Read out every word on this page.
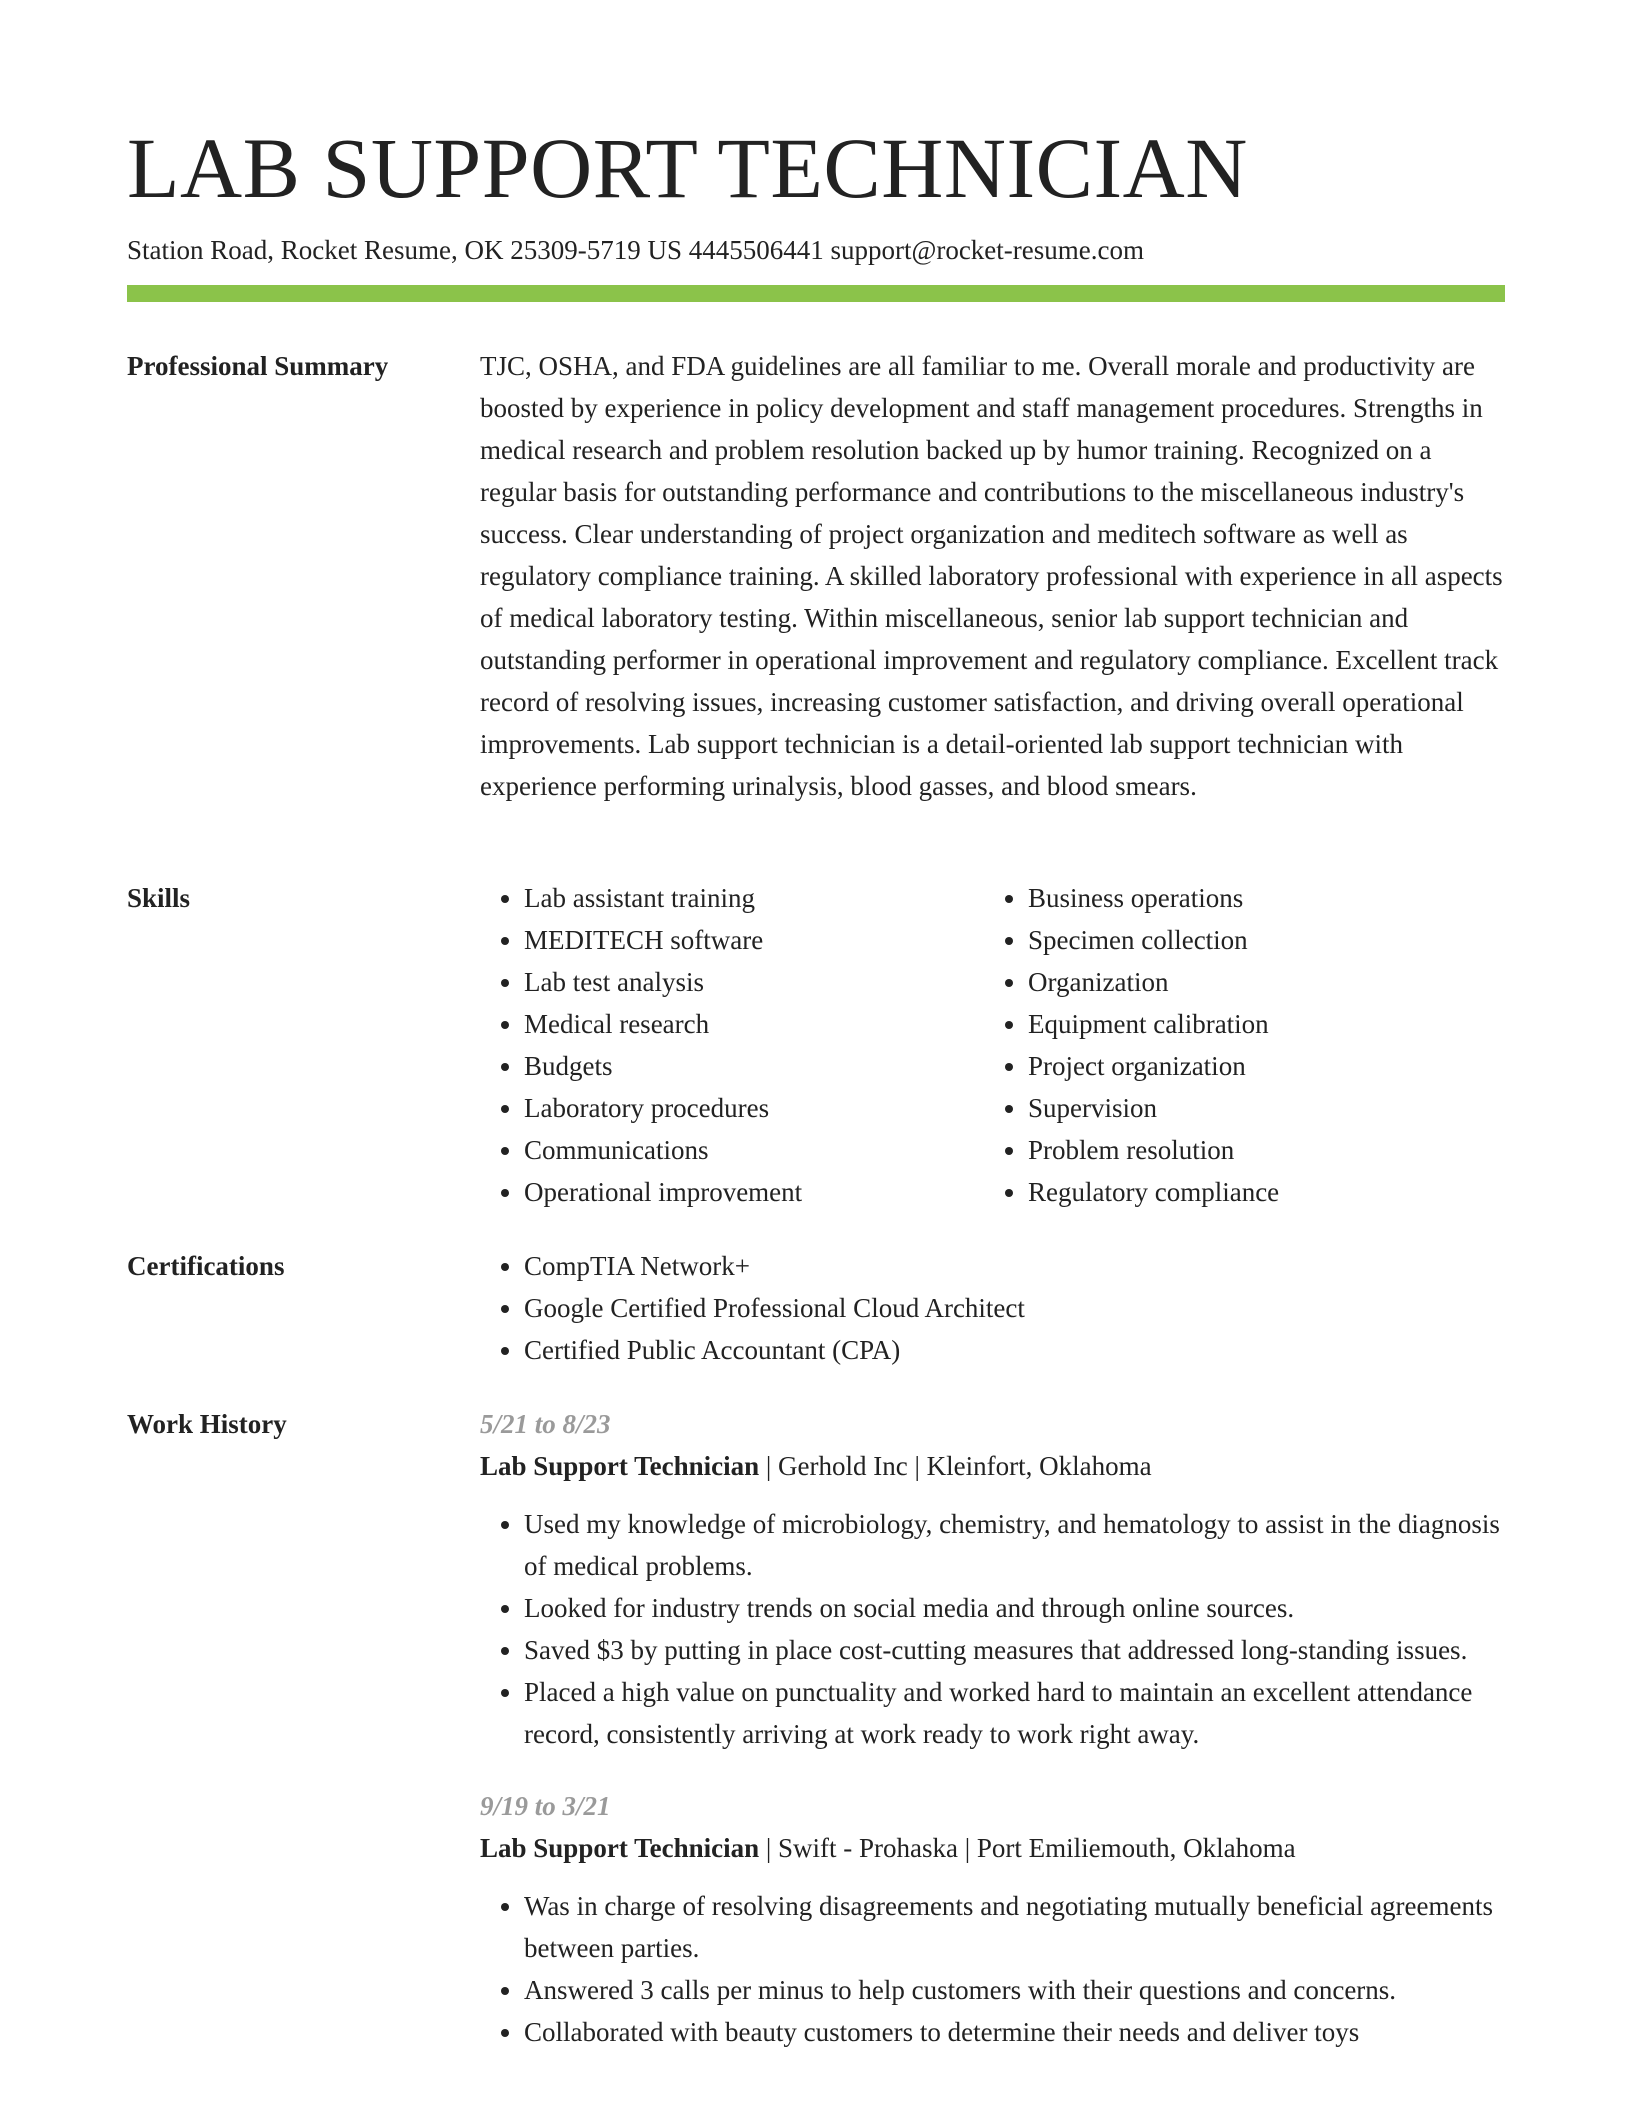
LAB SUPPORT TECHNICIAN
Station Road, Rocket Resume, OK 25309-5719 US 4445506441 support@rocket-resume.com
Professional Summary	TJC, OSHA, and FDA guidelines are all familiar to me. Overall morale and productivity are boosted by experience in policy development and staff management procedures. Strengths in medical research and problem resolution backed up by humor training. Recognized on a regular basis for outstanding performance and contributions to the miscellaneous industry's success. Clear understanding of project organization and meditech software as well as regulatory compliance training. A skilled laboratory professional with experience in all aspects of medical laboratory testing. Within miscellaneous, senior lab support technician and outstanding performer in operational improvement and regulatory compliance. Excellent track record of resolving issues, increasing customer satisfaction, and driving overall operational improvements. Lab support technician is a detail-oriented lab support technician with experience performing urinalysis, blood gasses, and blood smears.

Skills	• Lab assistant training
• MEDITECH software
• Lab test analysis
• Medical research
• Budgets
• Laboratory procedures
• Communications
• Operational improvement
• Business operations
• Specimen collection
• Organization
• Equipment calibration
• Project organization
• Supervision
• Problem resolution
• Regulatory compliance
Certifications	• CompTIA Network+
• Google Certified Professional Cloud Architect
• Certified Public Accountant (CPA)
Work History	5/21 to 8/23
Lab Support Technician | Gerhold Inc | Kleinfort, Oklahoma
• Used my knowledge of microbiology, chemistry, and hematology to assist in the diagnosis of medical problems.
• Looked for industry trends on social media and through online sources.
• Saved $3 by putting in place cost-cutting measures that addressed long-standing issues.
• Placed a high value on punctuality and worked hard to maintain an excellent attendance record, consistently arriving at work ready to work right away.
9/19 to 3/21
Lab Support Technician | Swift - Prohaska | Port Emiliemouth, Oklahoma
• Was in charge of resolving disagreements and negotiating mutually beneficial agreements between parties.
• Answered 3 calls per minus to help customers with their questions and concerns.
• Collaborated with beauty customers to determine their needs and deliver toys
